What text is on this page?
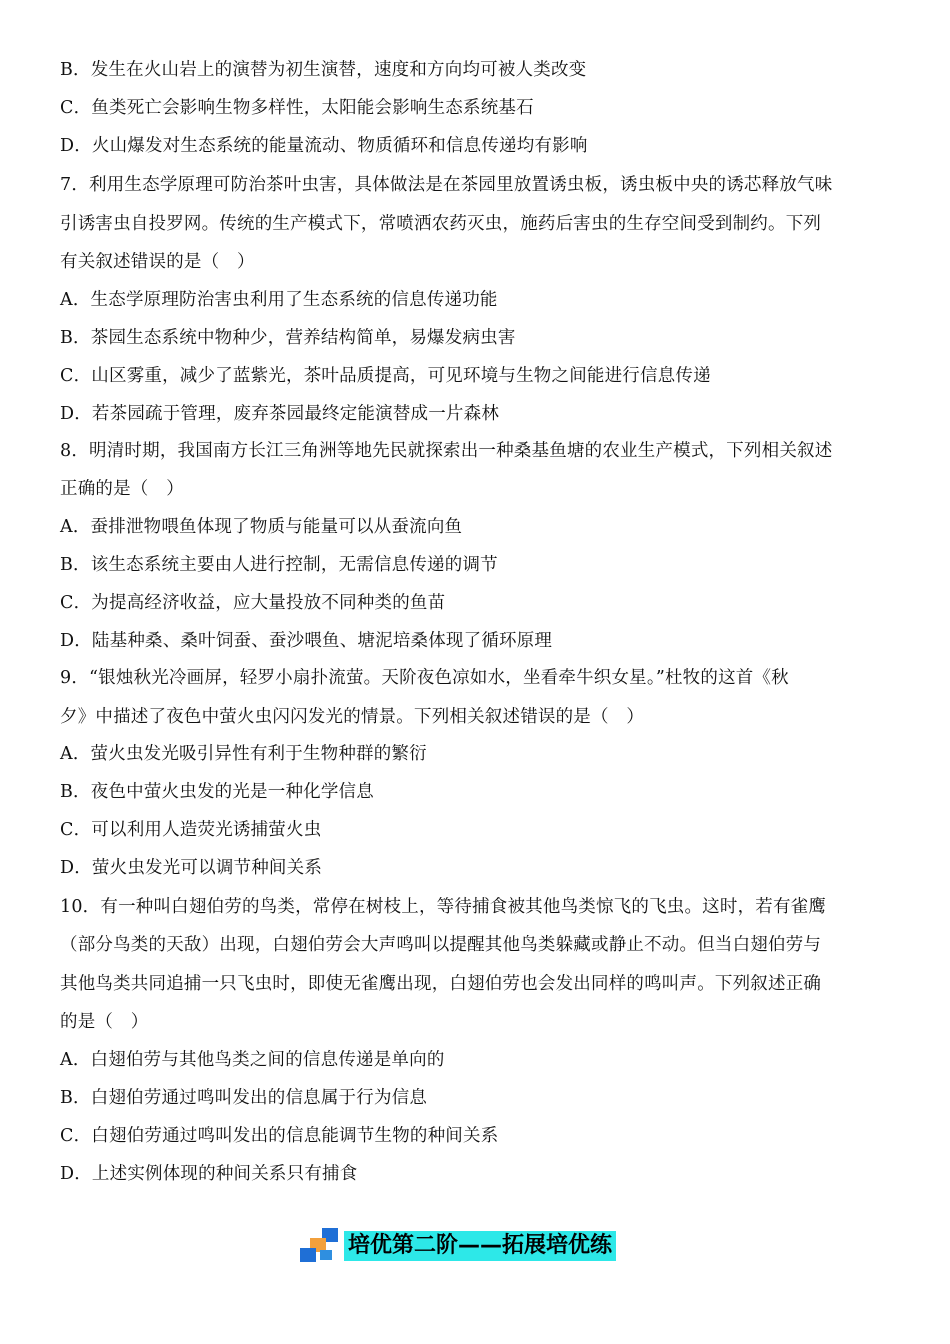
B．发生在火山岩上的演替为初生演替，速度和方向均可被人类改变
C．鱼类死亡会影响生物多样性，太阳能会影响生态系统基石
D．火山爆发对生态系统的能量流动、物质循环和信息传递均有影响
7．利用生态学原理可防治茶叶虫害，具体做法是在茶园里放置诱虫板，诱虫板中央的诱芯释放气味
引诱害虫自投罗网。传统的生产模式下，常喷洒农药灭虫，施药后害虫的生存空间受到制约。下列
有关叙述错误的是（　）
A．生态学原理防治害虫利用了生态系统的信息传递功能
B．茶园生态系统中物种少，营养结构简单，易爆发病虫害
C．山区雾重，减少了蓝紫光，茶叶品质提高，可见环境与生物之间能进行信息传递
D．若茶园疏于管理，废弃茶园最终定能演替成一片森林
8．明清时期，我国南方长江三角洲等地先民就探索出一种桑基鱼塘的农业生产模式，下列相关叙述
正确的是（　）
A．蚕排泄物喂鱼体现了物质与能量可以从蚕流向鱼
B．该生态系统主要由人进行控制，无需信息传递的调节
C．为提高经济收益，应大量投放不同种类的鱼苗
D．陆基种桑、桑叶饲蚕、蚕沙喂鱼、塘泥培桑体现了循环原理
9．“银烛秋光冷画屏，轻罗小扇扑流萤。天阶夜色凉如水，坐看牵牛织女星。”杜牧的这首《秋
夕》中描述了夜色中萤火虫闪闪发光的情景。下列相关叙述错误的是（　）
A．萤火虫发光吸引异性有利于生物种群的繁衍
B．夜色中萤火虫发的光是一种化学信息
C．可以利用人造荧光诱捕萤火虫
D．萤火虫发光可以调节种间关系
10．有一种叫白翅伯劳的鸟类，常停在树枝上，等待捕食被其他鸟类惊飞的飞虫。这时，若有雀鹰
（部分鸟类的天敌）出现，白翅伯劳会大声鸣叫以提醒其他鸟类躲藏或静止不动。但当白翅伯劳与
其他鸟类共同追捕一只飞虫时，即使无雀鹰出现，白翅伯劳也会发出同样的鸣叫声。下列叙述正确
的是（　）
A．白翅伯劳与其他鸟类之间的信息传递是单向的
B．白翅伯劳通过鸣叫发出的信息属于行为信息
C．白翅伯劳通过鸣叫发出的信息能调节生物的种间关系
D．上述实例体现的种间关系只有捕食
培优第二阶——拓展培优练
